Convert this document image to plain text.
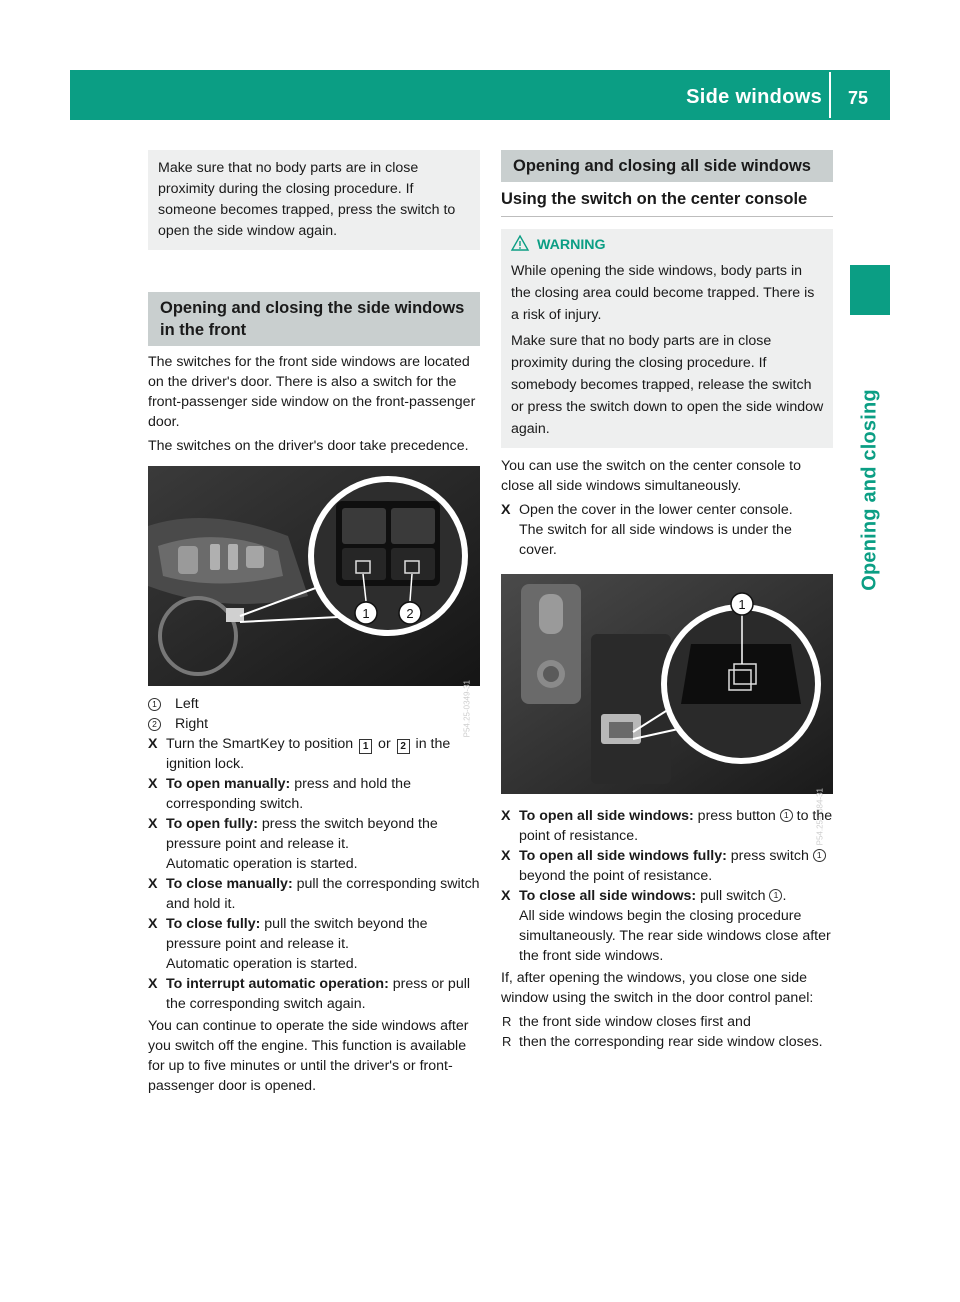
Side windows 75
Opening and closing

Make sure that no body parts are in close proximity during the closing procedure. If someone becomes trapped, press the switch to open the side window again.

Opening and closing the side windows in the front

The switches for the front side windows are located on the driver's door. There is also a switch for the front-passenger side window on the front-passenger door.

The switches on the driver's door take precedence.

1	2
P54.25-0349-31

1 Left

2 Right

X Turn the SmartKey to position 1 or 2 in the ignition lock.

X To open manually: press and hold the corresponding switch.

X To open fully: press the switch beyond the pressure point and release it.
Automatic operation is started.

X To close manually: pull the corresponding switch and hold it.

X To close fully: pull the switch beyond the pressure point and release it.
Automatic operation is started.

X To interrupt automatic operation: press or pull the corresponding switch again.

You can continue to operate the side windows after you switch off the engine. This function is available for up to five minutes or until the driver's or front-passenger door is opened.

Opening and closing all side windows
Using the switch on the center console

WARNING

While opening the side windows, body parts in the closing area could become trapped. There is a risk of injury.

Make sure that no body parts are in close proximity during the closing procedure. If somebody becomes trapped, release the switch or press the switch down to open the side window again.

You can use the switch on the center console to close all side windows simultaneously.

X Open the cover in the lower center console.
The switch for all side windows is under the cover.

1
P54.25-0384-31

X To open all side windows: press button 1 to the point of resistance.

X To open all side windows fully: press switch 1 beyond the point of resistance.

X To close all side windows: pull switch 1 .
All side windows begin the closing procedure simultaneously. The rear side windows close after the front side windows.

If, after opening the windows, you close one side window using the switch in the door control panel:

R the front side window closes first and

R then the corresponding rear side window closes.
